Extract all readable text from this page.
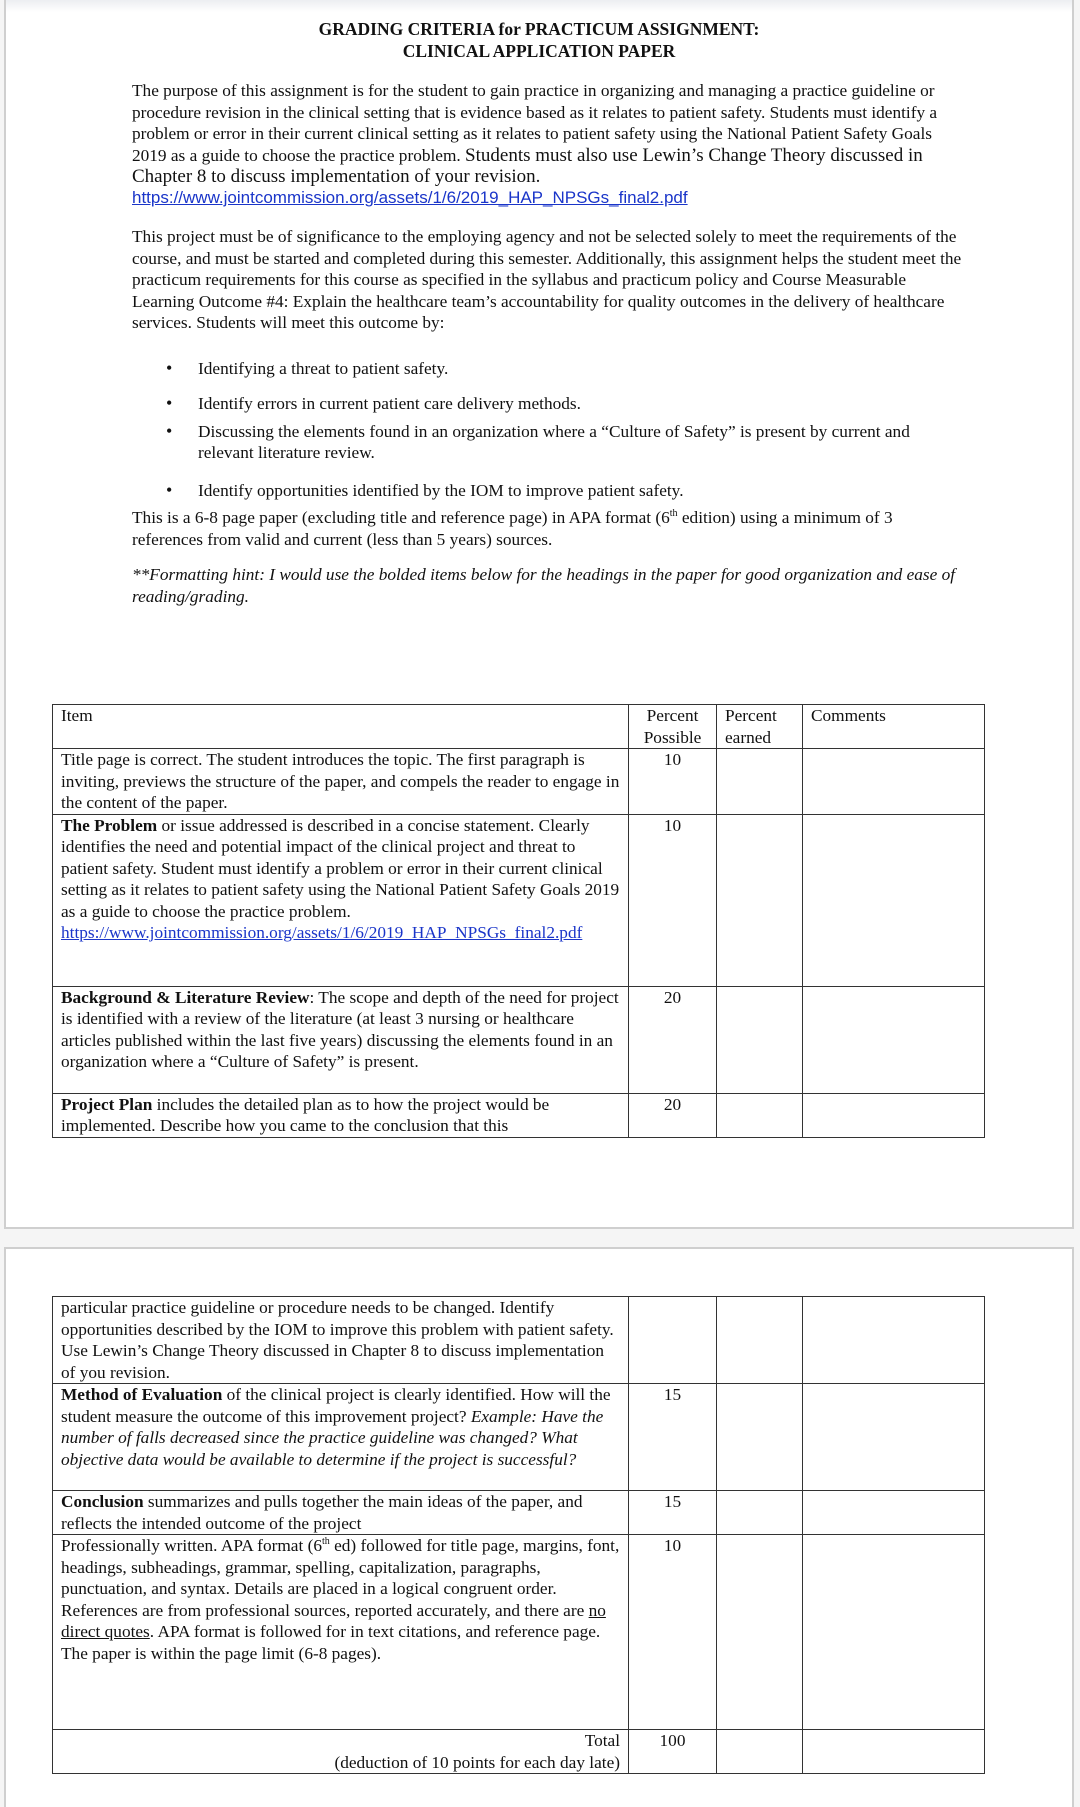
GRADING CRITERIA for PRACTICUM ASSIGNMENT:
CLINICAL APPLICATION PAPER

The purpose of this assignment is for the student to gain practice in organizing and managing a practice guideline or procedure revision in the clinical setting that is evidence based as it relates to patient safety. Students must identify a problem or error in their current clinical setting as it relates to patient safety using the National Patient Safety Goals 2019 as a guide to choose the practice problem. Students must also use Lewin’s Change Theory discussed in Chapter 8 to discuss implementation of your revision.

https://www.jointcommission.org/assets/1/6/2019_HAP_NPSGs_final2.pdf

This project must be of significance to the employing agency and not be selected solely to meet the requirements of the course, and must be started and completed during this semester. Additionally, this assignment helps the student meet the practicum requirements for this course as specified in the syllabus and practicum policy and Course Measurable Learning Outcome #4: Explain the healthcare team’s accountability for quality outcomes in the delivery of healthcare services. Students will meet this outcome by:

• Identifying a threat to patient safety.
• Identify errors in current patient care delivery methods.
• Discussing the elements found in an organization where a “Culture of Safety” is present by current and relevant literature review.
• Identify opportunities identified by the IOM to improve patient safety.

This is a 6-8 page paper (excluding title and reference page) in APA format (6th edition) using a minimum of 3 references from valid and current (less than 5 years) sources.

**Formatting hint: I would use the bolded items below for the headings in the paper for good organization and ease of reading/grading.

Item	Percent Possible	Percent earned	Comments
Title page is correct. The student introduces the topic. The first paragraph is inviting, previews the structure of the paper, and compels the reader to engage in the content of the paper.	10		
The Problem or issue addressed is described in a concise statement. Clearly identifies the need and potential impact of the clinical project and threat to patient safety. Student must identify a problem or error in their current clinical setting as it relates to patient safety using the National Patient Safety Goals 2019 as a guide to choose the practice problem.
https://www.jointcommission.org/assets/1/6/2019_HAP_NPSGs_final2.pdf	10		
Background & Literature Review: The scope and depth of the need for project is identified with a review of the literature (at least 3 nursing or healthcare articles published within the last five years) discussing the elements found in an organization where a “Culture of Safety” is present.	20		
Project Plan includes the detailed plan as to how the project would be implemented. Describe how you came to the conclusion that this	20		
particular practice guideline or procedure needs to be changed. Identify opportunities described by the IOM to improve this problem with patient safety. Use Lewin’s Change Theory discussed in Chapter 8 to discuss implementation of you revision.			
Method of Evaluation of the clinical project is clearly identified. How will the student measure the outcome of this improvement project? Example: Have the number of falls decreased since the practice guideline was changed? What objective data would be available to determine if the project is successful?	15		
Conclusion summarizes and pulls together the main ideas of the paper, and reflects the intended outcome of the project	15		
Professionally written. APA format (6th ed) followed for title page, margins, font, headings, subheadings, grammar, spelling, capitalization, paragraphs, punctuation, and syntax. Details are placed in a logical congruent order. References are from professional sources, reported accurately, and there are no direct quotes. APA format is followed for in text citations, and reference page. The paper is within the page limit (6-8 pages).	10		

Total
(deduction of 10 points for each day late)	100		
